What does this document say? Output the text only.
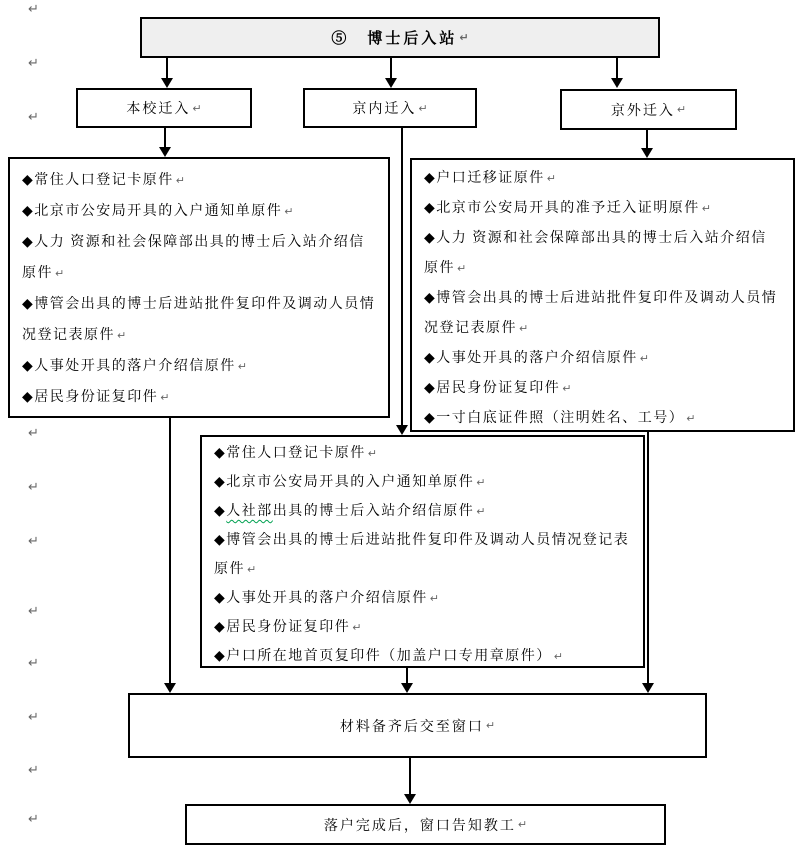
↵
↵
↵
↵
↵
↵
↵
↵
↵
↵
↵
⑤　博士后入站 ↵
本校迁入 ↵	京内迁入 ↵	京外迁入 ↵
◆常住人口登记卡原件 ↵
◆北京市公安局开具的入户通知单原件 ↵
◆人力 资源和社会保障部出具的博士后入站介绍信原件 ↵
◆博管会出具的博士后进站批件复印件及调动人员情况登记表原件 ↵
◆人事处开具的落户介绍信原件 ↵
◆居民身份证复印件 ↵
◆户口迁移证原件 ↵
◆北京市公安局开具的准予迁入证明原件 ↵
◆人力 资源和社会保障部出具的博士后入站介绍信原件 ↵
◆博管会出具的博士后进站批件复印件及调动人员情况登记表原件 ↵
◆人事处开具的落户介绍信原件 ↵
◆居民身份证复印件 ↵
◆一寸白底证件照（注明姓名、工号） ↵
◆常住人口登记卡原件 ↵
◆北京市公安局开具的入户通知单原件 ↵
◆人社部出具的博士后入站介绍信原件 ↵
◆博管会出具的博士后进站批件复印件及调动人员情况登记表原件 ↵
◆人事处开具的落户介绍信原件 ↵
◆居民身份证复印件 ↵
◆户口所在地首页复印件（加盖户口专用章原件） ↵
材料备齐后交至窗口 ↵
落户完成后，窗口告知教工 ↵
